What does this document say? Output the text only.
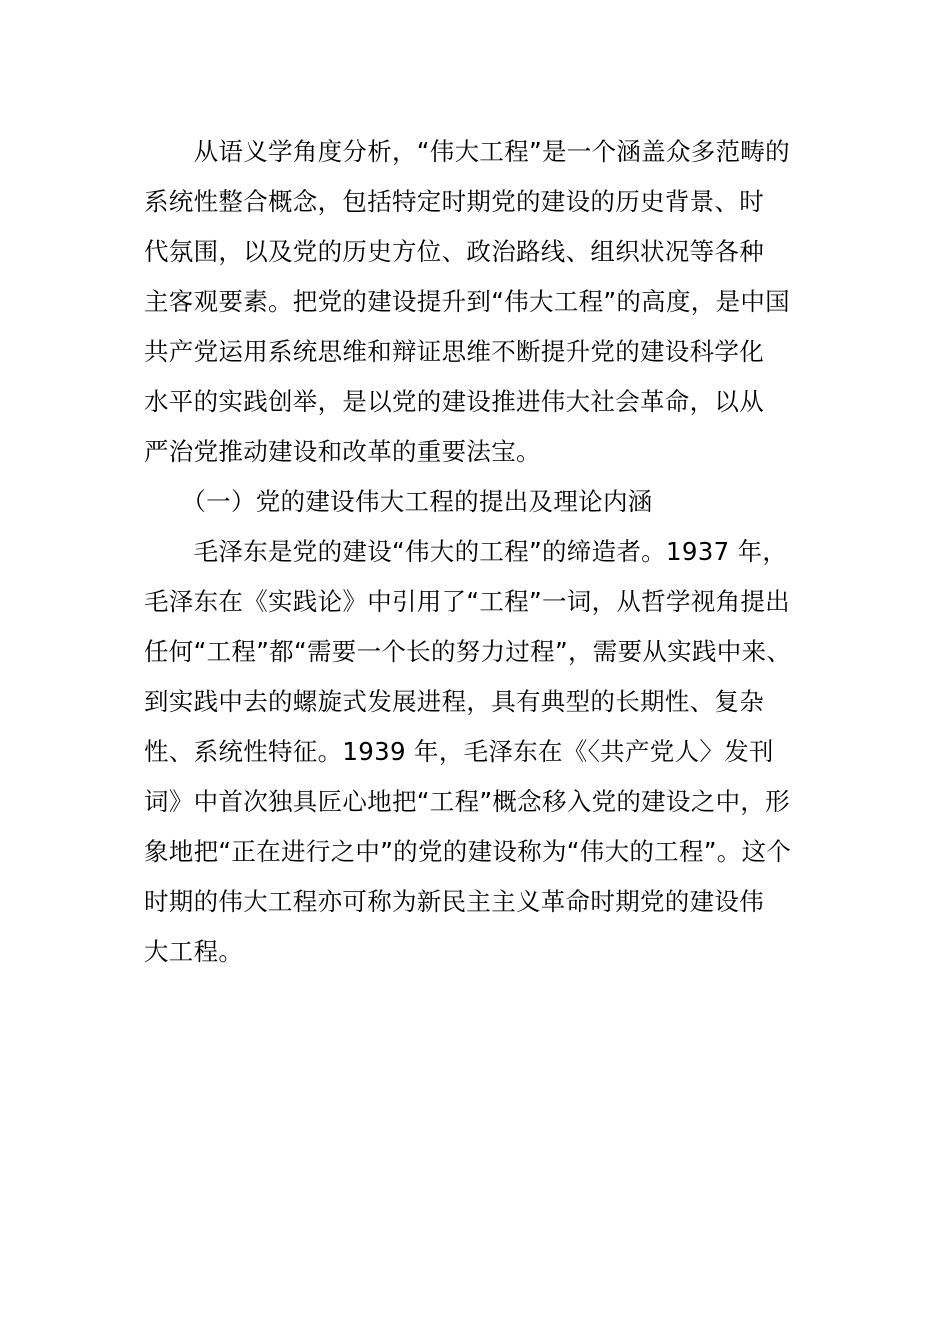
　　从语义学角度分析，“伟大工程”是一个涵盖众多范畴的
系统性整合概念，包括特定时期党的建设的历史背景、时
代氛围，以及党的历史方位、政治路线、组织状况等各种
主客观要素。把党的建设提升到“伟大工程”的高度，是中国
共产党运用系统思维和辩证思维不断提升党的建设科学化
水平的实践创举，是以党的建设推进伟大社会革命，以从
严治党推动建设和改革的重要法宝。
　　（一）党的建设伟大工程的提出及理论内涵
　　毛泽东是党的建设“伟大的工程”的缔造者。1937 年，
毛泽东在《实践论》中引用了“工程”一词，从哲学视角提出
任何“工程”都“需要一个长的努力过程”，需要从实践中来、
到实践中去的螺旋式发展进程，具有典型的长期性、复杂
性、系统性特征。1939 年，毛泽东在《〈共产党人〉发刊
词》中首次独具匠心地把“工程”概念移入党的建设之中，形
象地把“正在进行之中”的党的建设称为“伟大的工程”。这个
时期的伟大工程亦可称为新民主主义革命时期党的建设伟
大工程。
